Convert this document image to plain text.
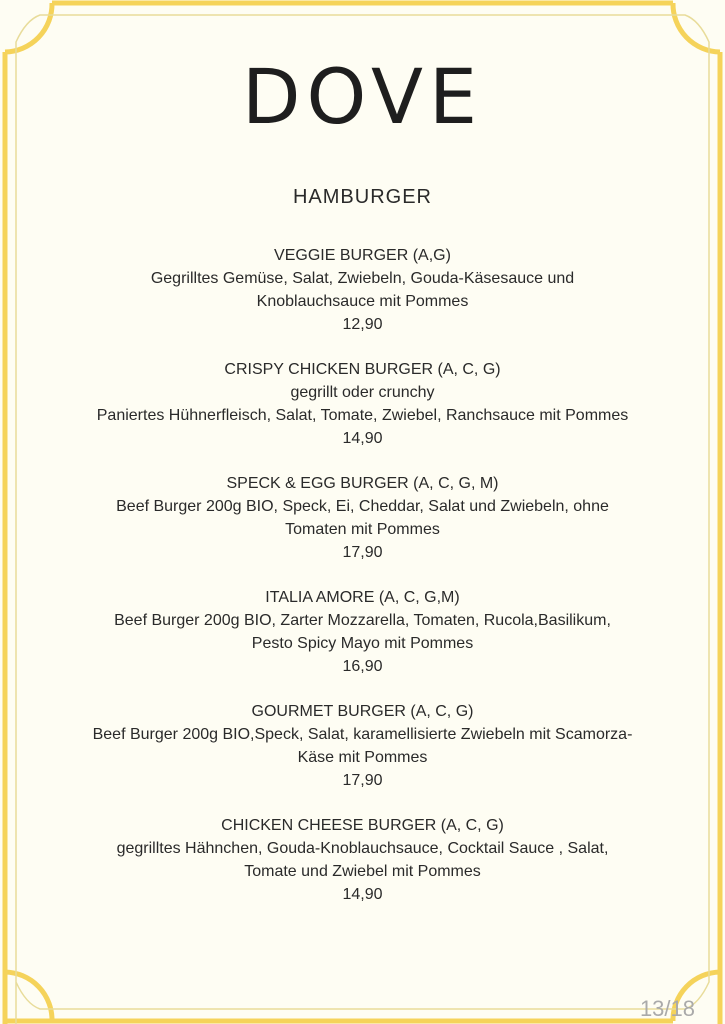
DOVE
HAMBURGER
VEGGIE BURGER (A,G)
Gegrilltes Gemüse, Salat, Zwiebeln, Gouda-Käsesauce und
Knoblauchsauce mit Pommes
12,90
CRISPY CHICKEN BURGER (A, C, G)
gegrillt oder crunchy
Paniertes Hühnerfleisch, Salat, Tomate, Zwiebel, Ranchsauce mit Pommes
14,90
SPECK & EGG BURGER (A, C, G, M)
Beef Burger 200g BIO, Speck, Ei, Cheddar, Salat und Zwiebeln, ohne
Tomaten mit Pommes
17,90
ITALIA AMORE (A, C, G,M)
Beef Burger 200g BIO, Zarter Mozzarella, Tomaten, Rucola,Basilikum,
Pesto Spicy Mayo mit Pommes
16,90
GOURMET BURGER (A, C, G)
Beef Burger 200g BIO,Speck, Salat, karamellisierte Zwiebeln mit Scamorza-
Käse mit Pommes
17,90
CHICKEN CHEESE BURGER (A, C, G)
gegrilltes Hähnchen, Gouda-Knoblauchsauce, Cocktail Sauce , Salat,
Tomate und Zwiebel mit Pommes
14,90
13/18
